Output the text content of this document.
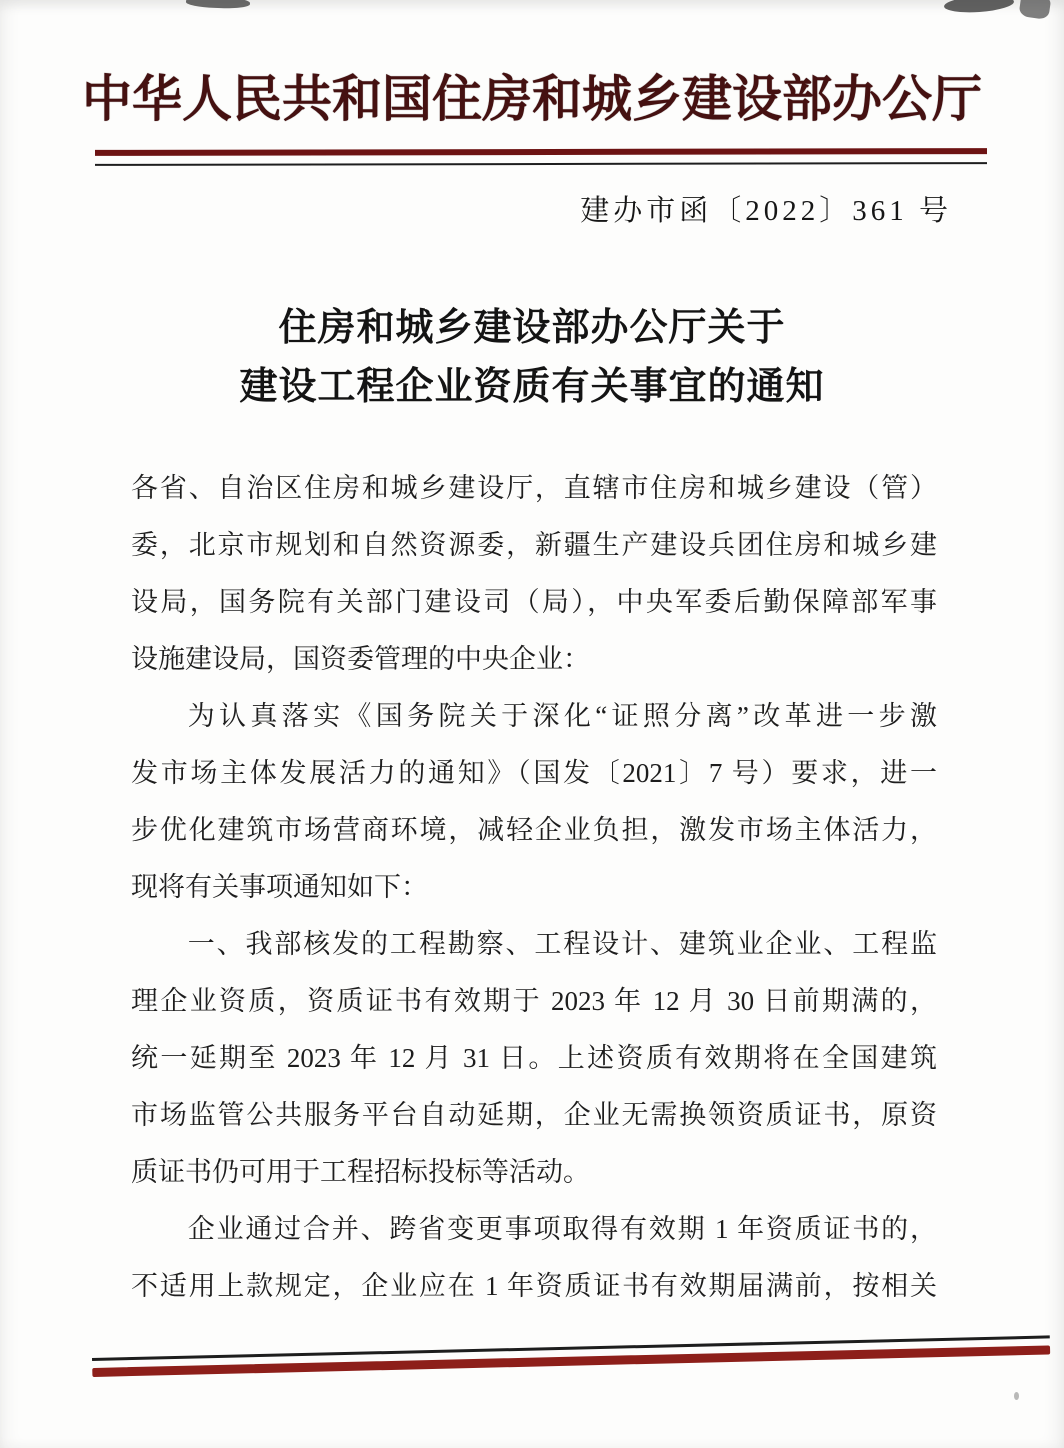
中华人民共和国住房和城乡建设部办公厅
建办市函〔2022〕361 号
住房和城乡建设部办公厅关于
建设工程企业资质有关事宜的通知
各省、自治区住房和城乡建设厅，直辖市住房和城乡建设（管）
委，北京市规划和自然资源委，新疆生产建设兵团住房和城乡建
设局，国务院有关部门建设司（局），中央军委后勤保障部军事
设施建设局，国资委管理的中央企业：
为认真落实《国务院关于深化“证照分离”改革进一步激
发市场主体发展活力的通知》（国发〔2021〕7 号）要求，进一
步优化建筑市场营商环境，减轻企业负担，激发市场主体活力，
现将有关事项通知如下：
一、我部核发的工程勘察、工程设计、建筑业企业、工程监
理企业资质，资质证书有效期于 2023 年 12 月 30 日前期满的，
统一延期至 2023 年 12 月 31 日。上述资质有效期将在全国建筑
市场监管公共服务平台自动延期，企业无需换领资质证书，原资
质证书仍可用于工程招标投标等活动。
企业通过合并、跨省变更事项取得有效期 1 年资质证书的，
不适用上款规定，企业应在 1 年资质证书有效期届满前，按相关
